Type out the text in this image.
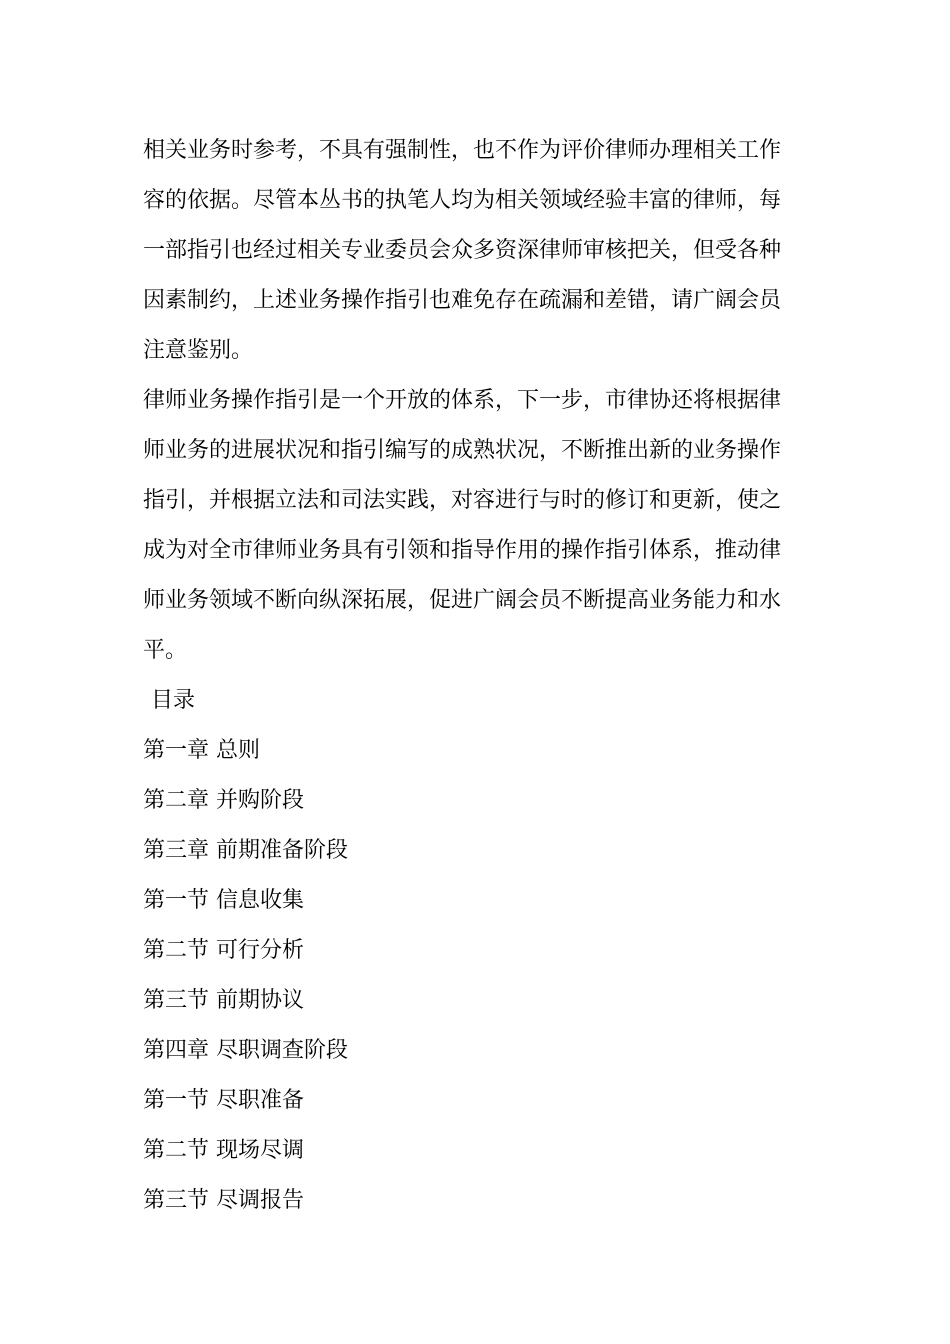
相关业务时参考，不具有强制性，也不作为评价律师办理相关工作
容的依据。尽管本丛书的执笔人均为相关领域经验丰富的律师，每
一部指引也经过相关专业委员会众多资深律师审核把关，但受各种
因素制约，上述业务操作指引也难免存在疏漏和差错，请广阔会员
注意鉴别。
律师业务操作指引是一个开放的体系，下一步，市律协还将根据律
师业务的进展状况和指引编写的成熟状况，不断推出新的业务操作
指引，并根据立法和司法实践，对容进行与时的修订和更新，使之
成为对全市律师业务具有引领和指导作用的操作指引体系，推动律
师业务领域不断向纵深拓展，促进广阔会员不断提高业务能力和水
平。
目录
第一章 总则
第二章 并购阶段
第三章 前期准备阶段
第一节 信息收集
第二节 可行分析
第三节 前期协议
第四章 尽职调查阶段
第一节 尽职准备
第二节 现场尽调
第三节 尽调报告
